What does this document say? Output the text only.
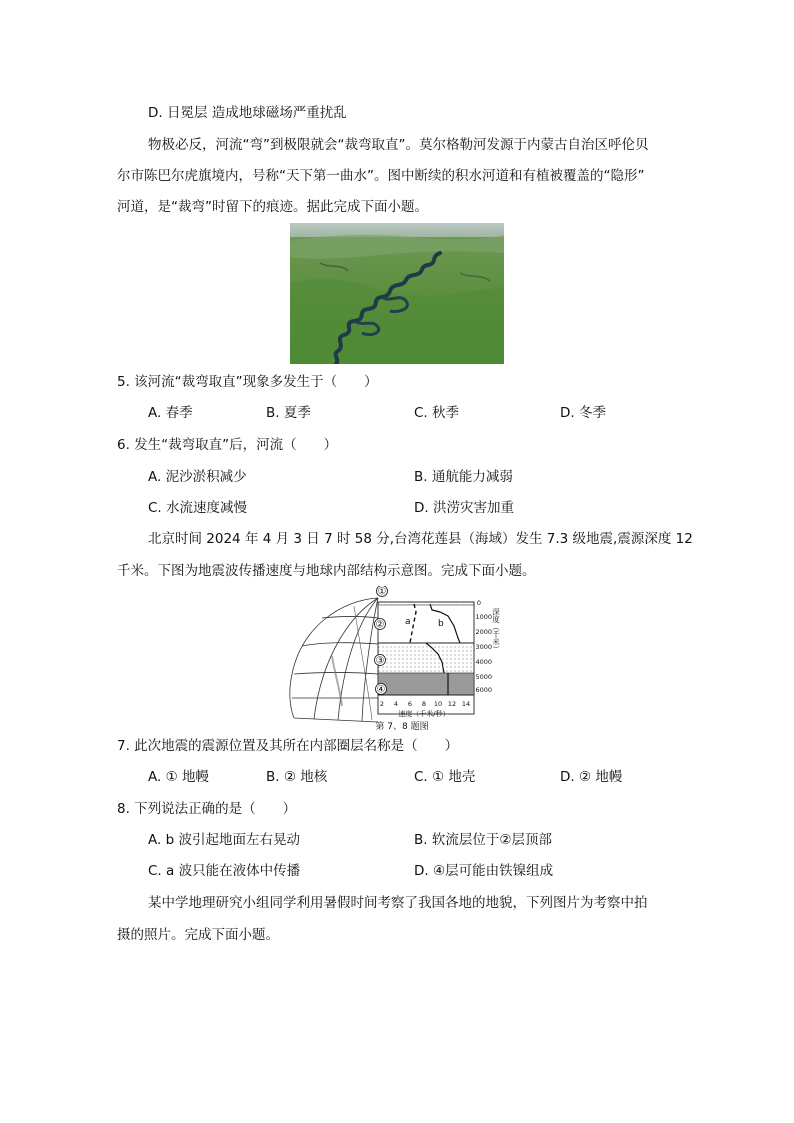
D. 日冕层 造成地球磁场严重扰乱
物极必反，河流“弯”到极限就会“裁弯取直”。莫尔格勒河发源于内蒙古自治区呼伦贝
尔市陈巴尔虎旗境内，号称“天下第一曲水”。图中断续的积水河道和有植被覆盖的“隐形”
河道，是“裁弯”时留下的痕迹。据此完成下面小题。
5. 该河流“裁弯取直”现象多发生于（　　）
A. 春季	B. 夏季	C. 秋季	D. 冬季
6. 发生“裁弯取直”后，河流（　　）
A. 泥沙淤积减少	B. 通航能力减弱
C. 水流速度减慢	D. 洪涝灾害加重
北京时间 2024 年 4 月 3 日 7 时 58 分,台湾花莲县（海域）发生 7.3 级地震,震源深度 12
千米。下图为地震波传播速度与地球内部结构示意图。完成下面小题。
①
②
③
④
a	b
0
1000
2000
3000
4000
5000
6000
深度（千米）
2 4 6 8 10 12 14
速度（千米/秒）
第 7、8 题图
7. 此次地震的震源位置及其所在内部圈层名称是（　　）
A. ① 地幔	B. ② 地核	C. ① 地壳	D. ② 地幔
8. 下列说法正确的是（　　）
A. b 波引起地面左右晃动	B. 软流层位于②层顶部
C. a 波只能在液体中传播	D. ④层可能由铁镍组成
某中学地理研究小组同学利用暑假时间考察了我国各地的地貌，下列图片为考察中拍
摄的照片。完成下面小题。
